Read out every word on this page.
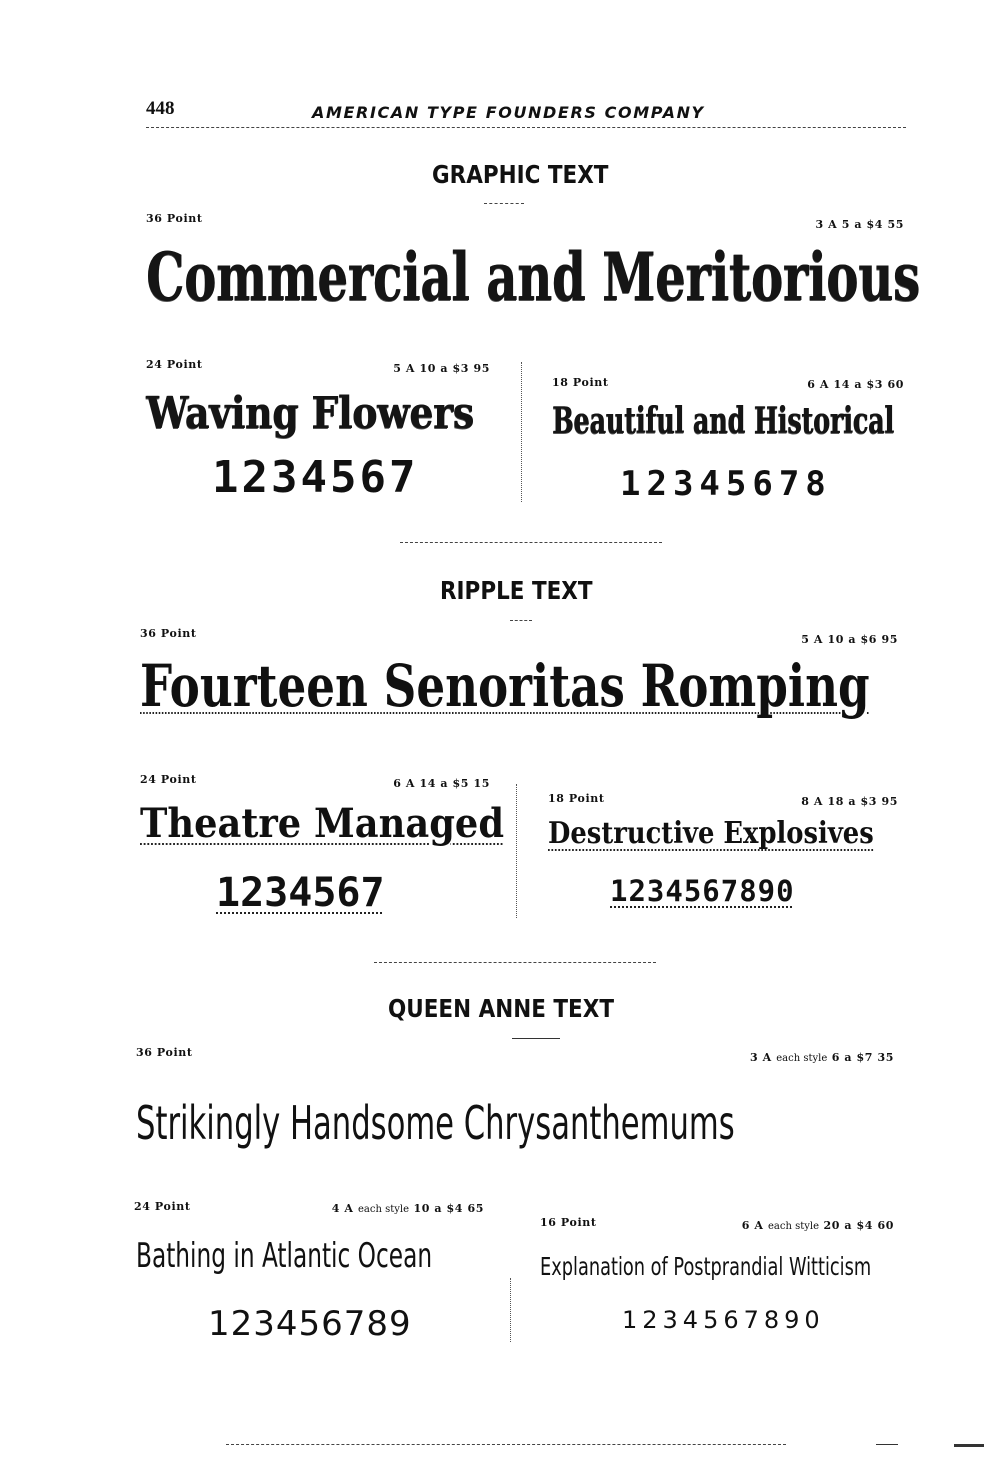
448	AMERICAN TYPE FOUNDERS COMPANY
GRAPHIC TEXT
36 Point	3 A 5 a $4 55
Commercial and Meritorious
24 Point	5 A 10 a $3 95
Waving Flowers
1234567
18 Point	6 A 14 a $3 60
Beautiful and Historical
12345678
RIPPLE TEXT
36 Point	5 A 10 a $6 95
Fourteen Senoritas Romping
24 Point	6 A 14 a $5 15
Theatre Managed
1234567
18 Point	8 A 18 a $3 95
Destructive Explosives
1234567890
QUEEN ANNE TEXT
36 Point	3 A each style 6 a $7 35
Strikingly Handsome Chrysanthemums
24 Point	4 A each style 10 a $4 65
Bathing in Atlantic Ocean
123456789
16 Point	6 A each style 20 a $4 60
Explanation of Postprandial Witticism
1234567890
